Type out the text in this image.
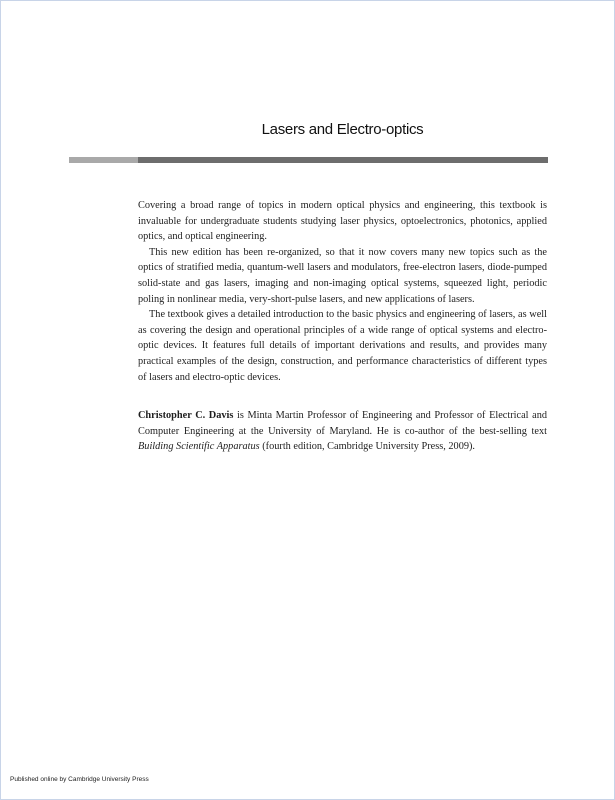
Lasers and Electro-optics

Covering a broad range of topics in modern optical physics and engineering, this textbook is invaluable for undergraduate students studying laser physics, optoelectronics, photonics, applied optics, and optical engineering.

This new edition has been re-organized, so that it now covers many new topics such as the optics of stratified media, quantum-well lasers and modulators, free-electron lasers, diode-pumped solid-state and gas lasers, imaging and non-imaging optical systems, squeezed light, periodic poling in nonlinear media, very-short-pulse lasers, and new applications of lasers.

The textbook gives a detailed introduction to the basic physics and engineering of lasers, as well as covering the design and operational principles of a wide range of optical systems and electro-optic devices. It features full details of important derivations and results, and provides many practical examples of the design, construction, and performance characteristics of different types of lasers and electro-optic devices.

Christopher C. Davis is Minta Martin Professor of Engineering and Professor of Electrical and Computer Engineering at the University of Maryland. He is co-author of the best-selling text Building Scientific Apparatus (fourth edition, Cambridge University Press, 2009).

Published online by Cambridge University Press
